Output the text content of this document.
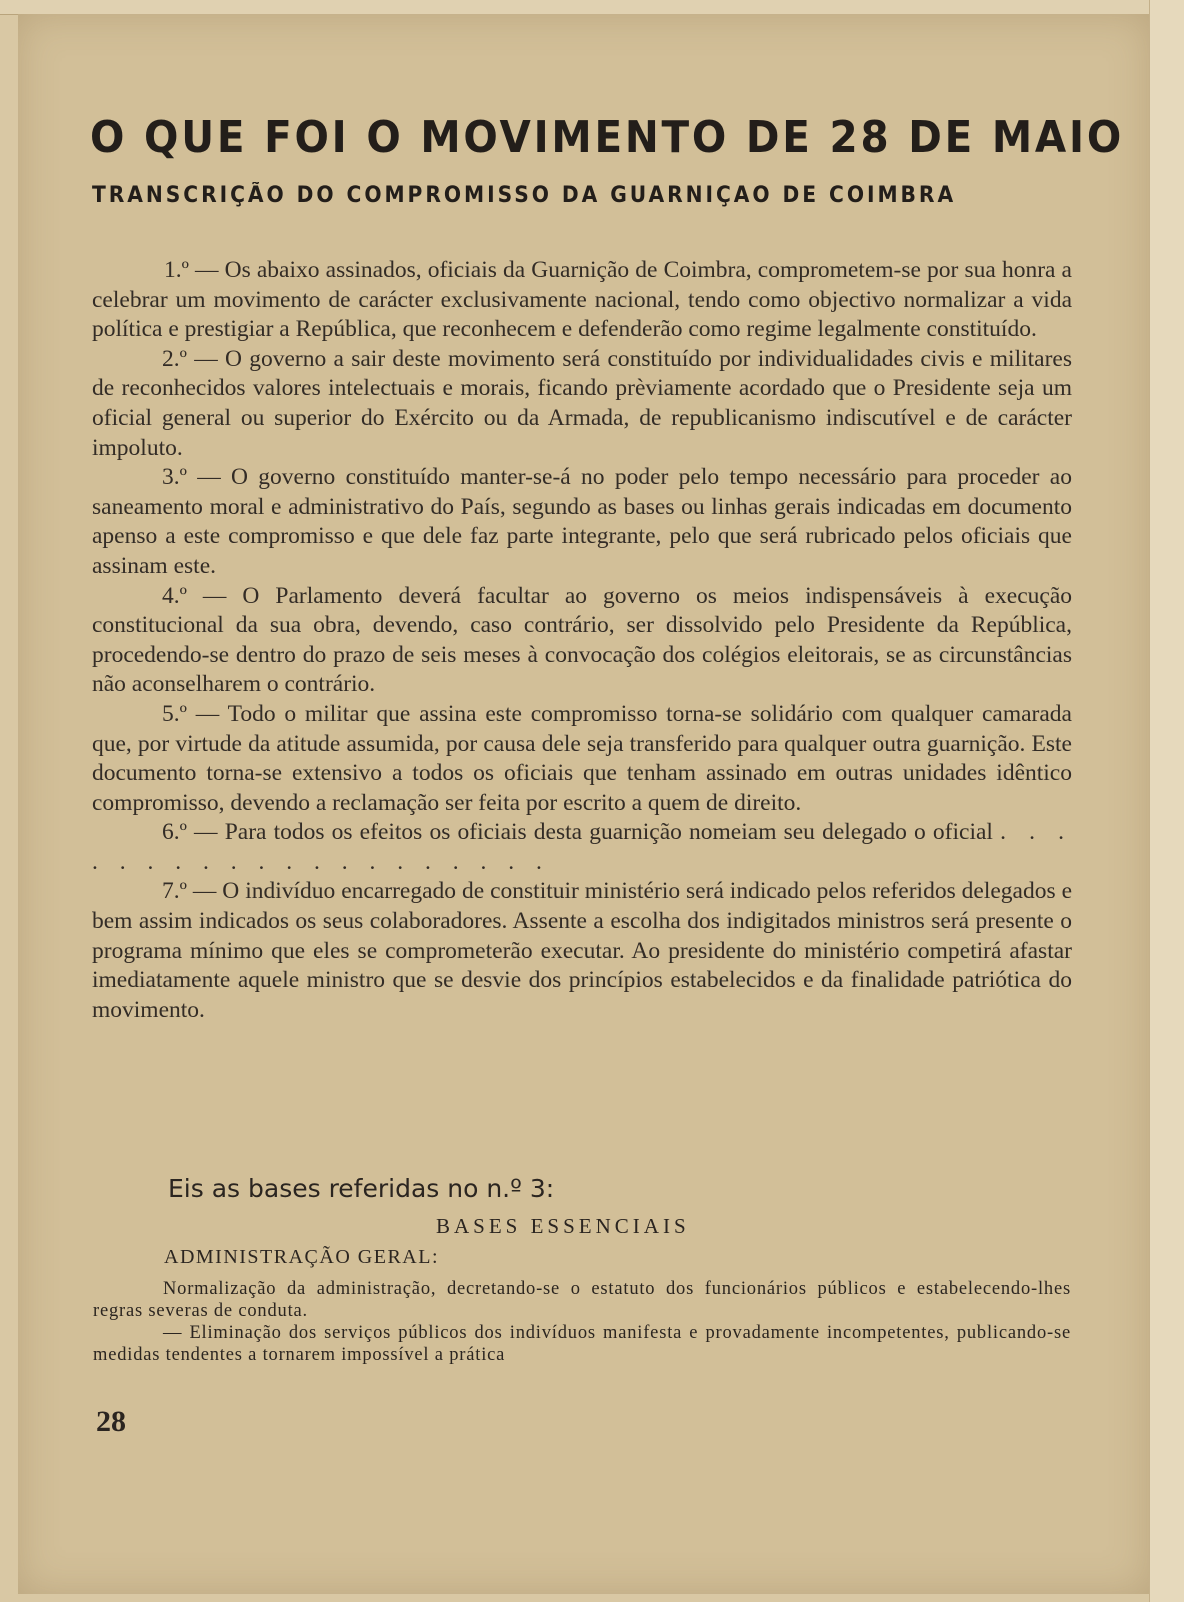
O QUE FOI O MOVIMENTO DE 28 DE MAIO
TRANSCRIÇÃO DO COMPROMISSO DA GUARNIÇAO DE COIMBRA

1.º — Os abaixo assinados, oficiais da Guarnição de Coimbra, comprometem-se por sua honra a celebrar um movimento de carácter exclusivamente nacional, tendo como objectivo normalizar a vida política e prestigiar a República, que reconhecem e defenderão como regime legalmente constituído.

2.º — O governo a sair deste movimento será constituído por individualidades civis e militares de reconhecidos valores intelectuais e morais, ficando prèviamente acordado que o Presidente seja um oficial general ou superior do Exército ou da Armada, de republicanismo indiscutível e de carácter impoluto.

3.º — O governo constituído manter-se-á no poder pelo tempo necessário para proceder ao saneamento moral e administrativo do País, segundo as bases ou linhas gerais indicadas em documento apenso a este compromisso e que dele faz parte integrante, pelo que será rubricado pelos oficiais que assinam este.

4.º — O Parlamento deverá facultar ao governo os meios indispensáveis à execução constitucional da sua obra, devendo, caso contrário, ser dissolvido pelo Presidente da República, procedendo-se dentro do prazo de seis meses à convocação dos colégios eleitorais, se as circunstâncias não aconselharem o contrário.

5.º — Todo o militar que assina este compromisso torna-se solidário com qualquer camarada que, por virtude da atitude assumida, por causa dele seja transferido para qualquer outra guarnição. Este documento torna-se extensivo a todos os oficiais que tenham assinado em outras unidades idêntico compromisso, devendo a reclamação ser feita por escrito a quem de direito.

6.º — Para todos os efeitos os oficiais desta guarnição nomeiam seu delegado o oficial . . . . . . . . . . . . . . . . . . . .

7.º — O indivíduo encarregado de constituir ministério será indicado pelos referidos delegados e bem assim indicados os seus colaboradores. Assente a escolha dos indigitados ministros será presente o programa mínimo que eles se comprometerão executar. Ao presidente do ministério competirá afastar imediatamente aquele ministro que se desvie dos princípios estabelecidos e da finalidade patriótica do movimento.

Eis as bases referidas no n.º 3:
BASES ESSENCIAIS
ADMINISTRAÇÃO GERAL:

Normalização da administração, decretando-se o estatuto dos funcionários públicos e estabelecendo-lhes regras severas de conduta.

— Eliminação dos serviços públicos dos indivíduos manifesta e provadamente incompetentes, publicando-se medidas tendentes a tornarem impossível a prática

28
